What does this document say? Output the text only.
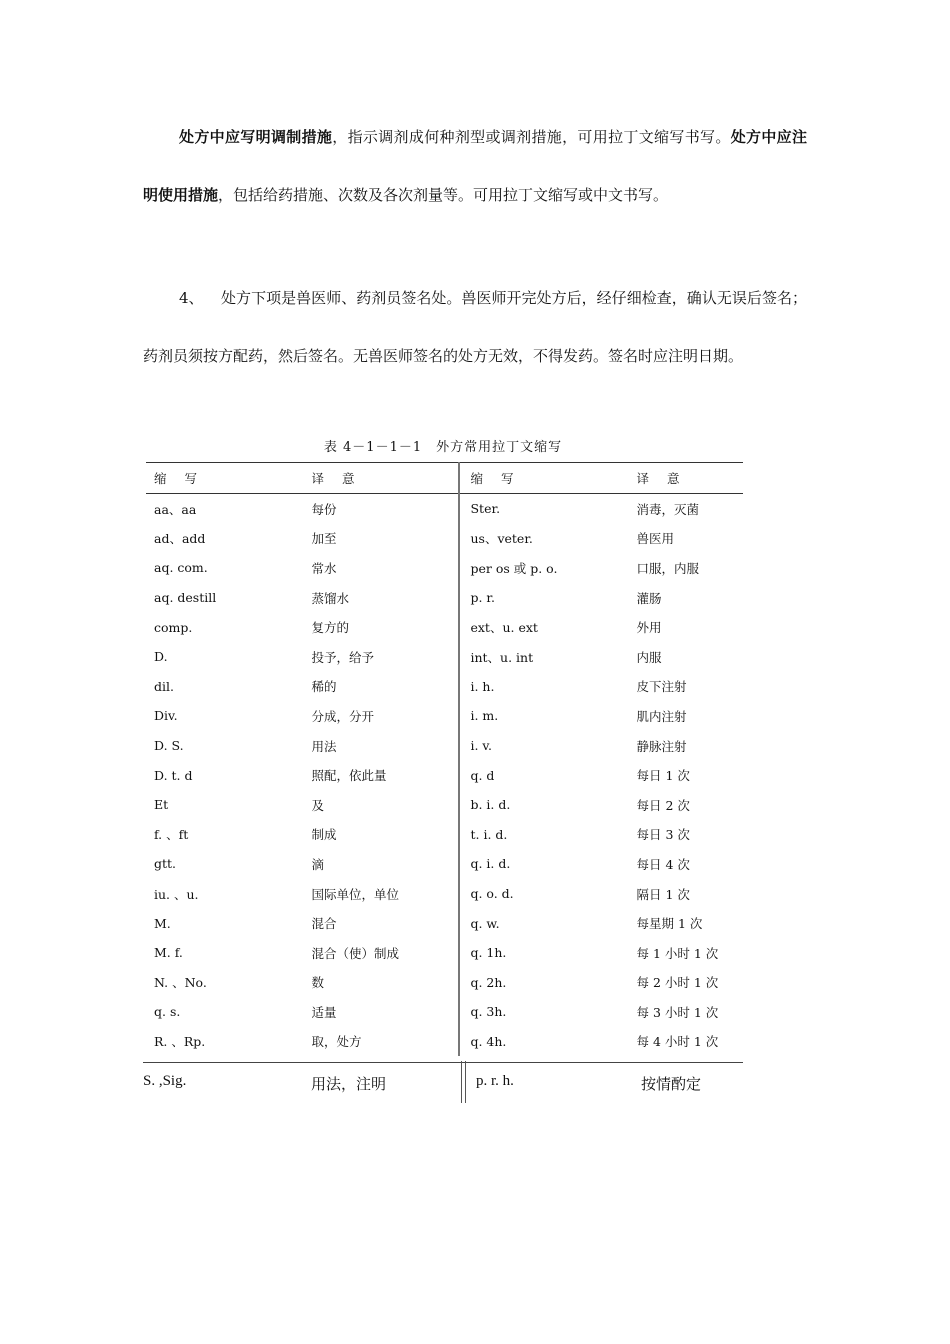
处方中应写明调制措施，指示调剂成何种剂型或调剂措施，可用拉丁文缩写书写。处方中应注明使用措施，包括给药措施、次数及各次剂量等。可用拉丁文缩写或中文书写。

4、 处方下项是兽医师、药剂员签名处。兽医师开完处方后，经仔细检查，确认无误后签名；药剂员须按方配药，然后签名。无兽医师签名的处方无效，不得发药。签名时应注明日期。

表 4－1－1－1　外方常用拉丁文缩写
缩写	译意	缩写	译意
aa、aa	每份	Ster.	消毒，灭菌
ad、add	加至	us、veter.	兽医用
aq. com.	常水	per os 或 p. o.	口服，内服
aq. destill	蒸馏水	p. r.	灌肠
comp.	复方的	ext、u. ext	外用
D.	投予，给予	int、u. int	内服
dil.	稀的	i. h.	皮下注射
Div.	分成，分开	i. m.	肌内注射
D. S.	用法	i. v.	静脉注射
D. t. d	照配，依此量	q. d	每日 1 次
Et	及	b. i. d.	每日 2 次
f. 、ft	制成	t. i. d.	每日 3 次
gtt.	滴	q. i. d.	每日 4 次
iu. 、u.	国际单位，单位	q. o. d.	隔日 1 次
M.	混合	q. w.	每星期 1 次
M. f.	混合（使）制成	q. 1h.	每 1 小时 1 次
N. 、No.	数	q. 2h.	每 2 小时 1 次
q. s.	适量	q. 3h.	每 3 小时 1 次
R. 、Rp.	取，处方	q. 4h.	每 4 小时 1 次
S. ,Sig.	用法，注明	p. r. h.	按情酌定
